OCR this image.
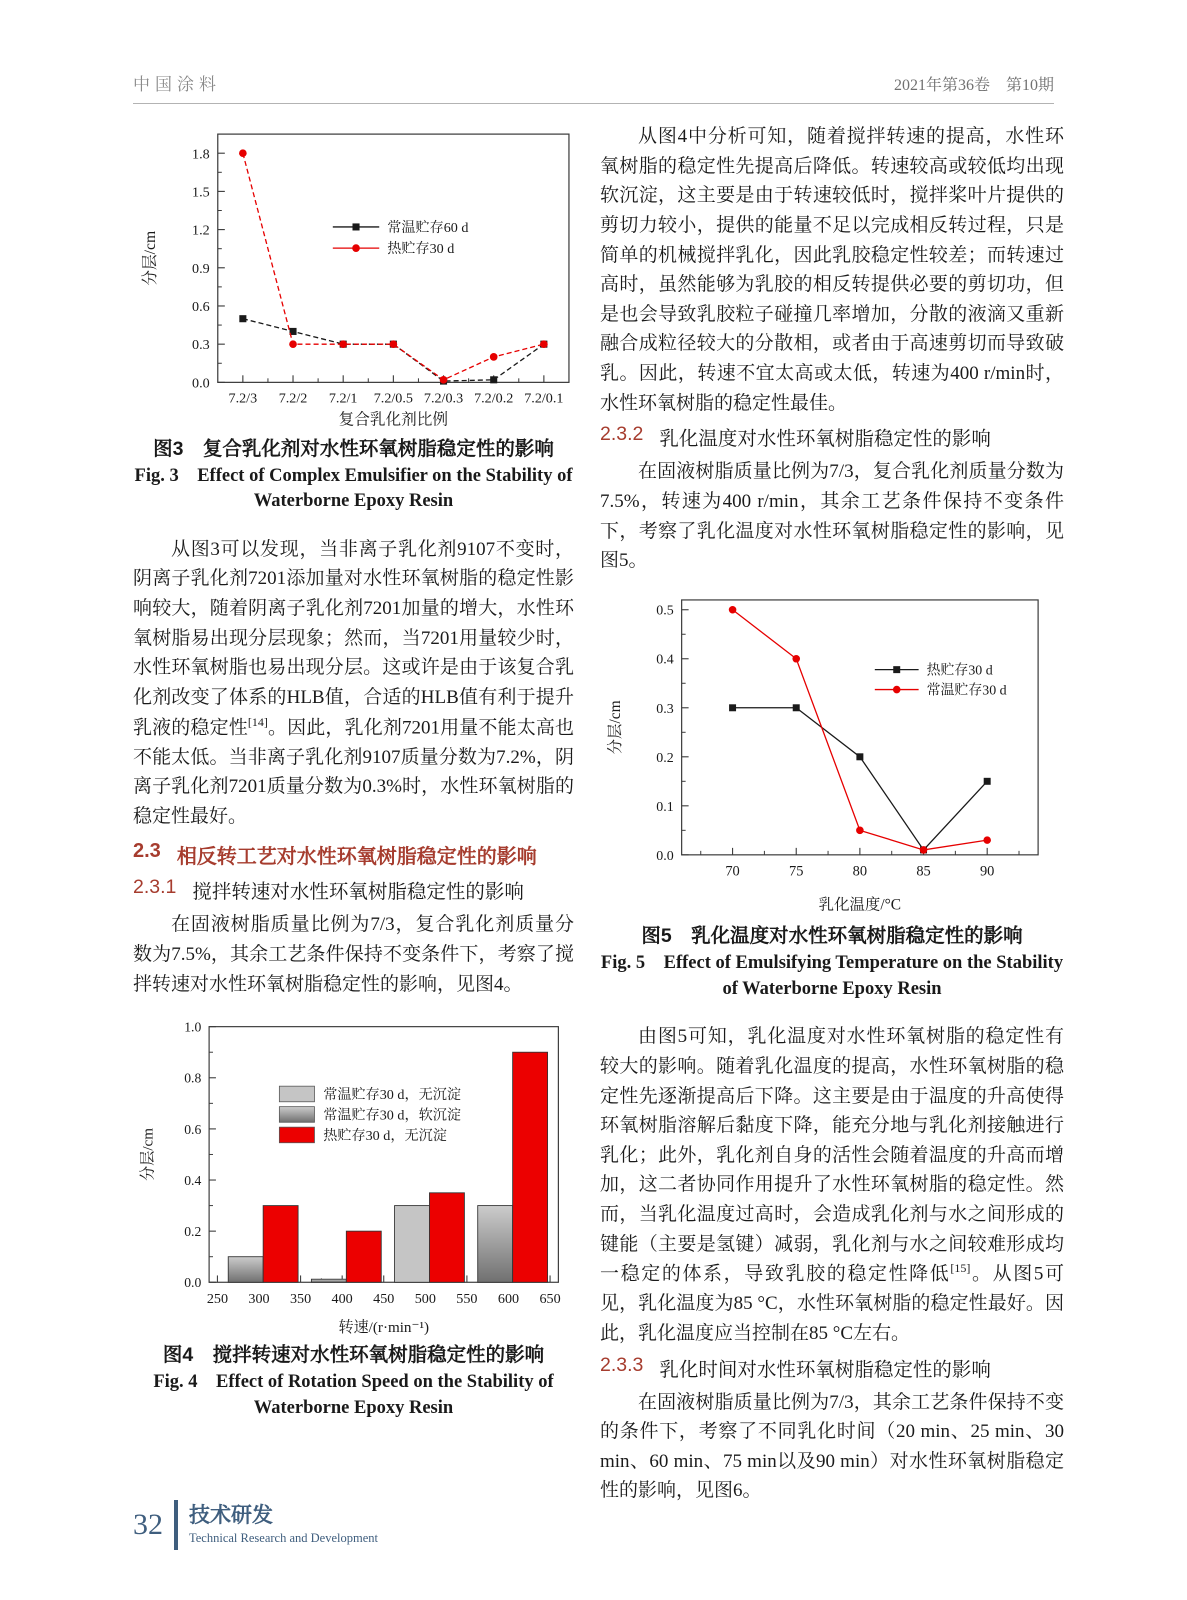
中国涂料	2021年第36卷　第10期
0.0
0.3
0.6
0.9
1.2
1.5
1.8
7.2/3 7.2/2 7.2/1 7.2/0.5 7.2/0.3 7.2/0.2 7.2/0.1
复合乳化剂比例
分层/cm
常温贮存60 d
热贮存30 d
图3　复合乳化剂对水性环氧树脂稳定性的影响
Fig. 3　Effect of Complex Emulsifier on the Stability of
Waterborne Epoxy Resin

从图3可以发现，当非离子乳化剂9107不变时，阴离子乳化剂7201添加量对水性环氧树脂的稳定性影响较大，随着阴离子乳化剂7201加量的增大，水性环氧树脂易出现分层现象；然而，当7201用量较少时，水性环氧树脂也易出现分层。这或许是由于该复合乳化剂改变了体系的HLB值，合适的HLB值有利于提升乳液的稳定性[14]。因此，乳化剂7201用量不能太高也不能太低。当非离子乳化剂9107质量分数为7.2%，阴离子乳化剂7201质量分数为0.3%时，水性环氧树脂的稳定性最好。

2.3 相反转工艺对水性环氧树脂稳定性的影响
2.3.1 搅拌转速对水性环氧树脂稳定性的影响

在固液树脂质量比例为7/3，复合乳化剂质量分数为7.5%，其余工艺条件保持不变条件下，考察了搅拌转速对水性环氧树脂稳定性的影响，见图4。

0.0
0.2
0.4
0.6
0.8
1.0
250 300 350 400 450 500 550 600 650
转速/(r·min⁻¹)
分层/cm
常温贮存30 d，无沉淀
常温贮存30 d，软沉淀
热贮存30 d，无沉淀
图4　搅拌转速对水性环氧树脂稳定性的影响
Fig. 4　Effect of Rotation Speed on the Stability of
Waterborne Epoxy Resin

从图4中分析可知，随着搅拌转速的提高，水性环氧树脂的稳定性先提高后降低。转速较高或较低均出现软沉淀，这主要是由于转速较低时，搅拌桨叶片提供的剪切力较小，提供的能量不足以完成相反转过程，只是简单的机械搅拌乳化，因此乳胶稳定性较差；而转速过高时，虽然能够为乳胶的相反转提供必要的剪切功，但是也会导致乳胶粒子碰撞几率增加，分散的液滴又重新融合成粒径较大的分散相，或者由于高速剪切而导致破乳。因此，转速不宜太高或太低，转速为400 r/min时，水性环氧树脂的稳定性最佳。

2.3.2 乳化温度对水性环氧树脂稳定性的影响

在固液树脂质量比例为7/3，复合乳化剂质量分数为7.5%，转速为400 r/min，其余工艺条件保持不变条件下，考察了乳化温度对水性环氧树脂稳定性的影响，见图5。

0.0
0.1
0.2
0.3
0.4
0.5
70	75	80	85	90
乳化温度/°C
分层/cm
热贮存30 d
常温贮存30 d
图5　乳化温度对水性环氧树脂稳定性的影响
Fig. 5　Effect of Emulsifying Temperature on the Stability
of Waterborne Epoxy Resin

由图5可知，乳化温度对水性环氧树脂的稳定性有较大的影响。随着乳化温度的提高，水性环氧树脂的稳定性先逐渐提高后下降。这主要是由于温度的升高使得环氧树脂溶解后黏度下降，能充分地与乳化剂接触进行乳化；此外，乳化剂自身的活性会随着温度的升高而增加，这二者协同作用提升了水性环氧树脂的稳定性。然而，当乳化温度过高时，会造成乳化剂与水之间形成的键能（主要是氢键）减弱，乳化剂与水之间较难形成均一稳定的体系，导致乳胶的稳定性降低[15]。从图5可见，乳化温度为85 °C，水性环氧树脂的稳定性最好。因此，乳化温度应当控制在85 °C左右。

2.3.3 乳化时间对水性环氧树脂稳定性的影响

在固液树脂质量比例为7/3，其余工艺条件保持不变的条件下，考察了不同乳化时间（20 min、25 min、30 min、60 min、75 min以及90 min）对水性环氧树脂稳定性的影响，见图6。

32 技术研发
Technical Research and Development
